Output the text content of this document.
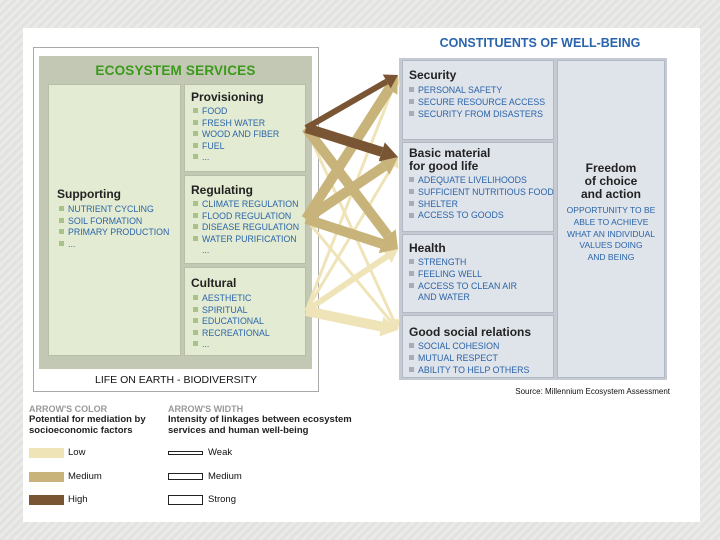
ECOSYSTEM SERVICES
Supporting
NUTRIENT CYCLING
SOIL FORMATION
PRIMARY PRODUCTION
...
Provisioning
FOOD
FRESH WATER
WOOD AND FIBER
FUEL
...
Regulating
CLIMATE REGULATION
FLOOD REGULATION
DISEASE REGULATION
WATER PURIFICATION
...
Cultural
AESTHETIC
SPIRITUAL
EDUCATIONAL
RECREATIONAL
...
LIFE ON EARTH - BIODIVERSITY
CONSTITUENTS OF WELL-BEING
Security
PERSONAL SAFETY
SECURE RESOURCE ACCESS
SECURITY FROM DISASTERS
Basic material
for good life
ADEQUATE LIVELIHOODS
SUFFICIENT NUTRITIOUS FOOD
SHELTER
ACCESS TO GOODS
Health
STRENGTH
FEELING WELL
ACCESS TO CLEAN AIR
AND WATER
Good social relations
SOCIAL COHESION
MUTUAL RESPECT
ABILITY TO HELP OTHERS
Freedom
of choice
and action
OPPORTUNITY TO BE
ABLE TO ACHIEVE
WHAT AN INDIVIDUAL
VALUES DOING
AND BEING
Source: Millennium Ecosystem Assessment
ARROW'S COLOR
Potential for mediation by
socioeconomic factors
Low
Medium
High
ARROW'S WIDTH
Intensity of linkages between ecosystem
services and human well-being
Weak
Medium
Strong
